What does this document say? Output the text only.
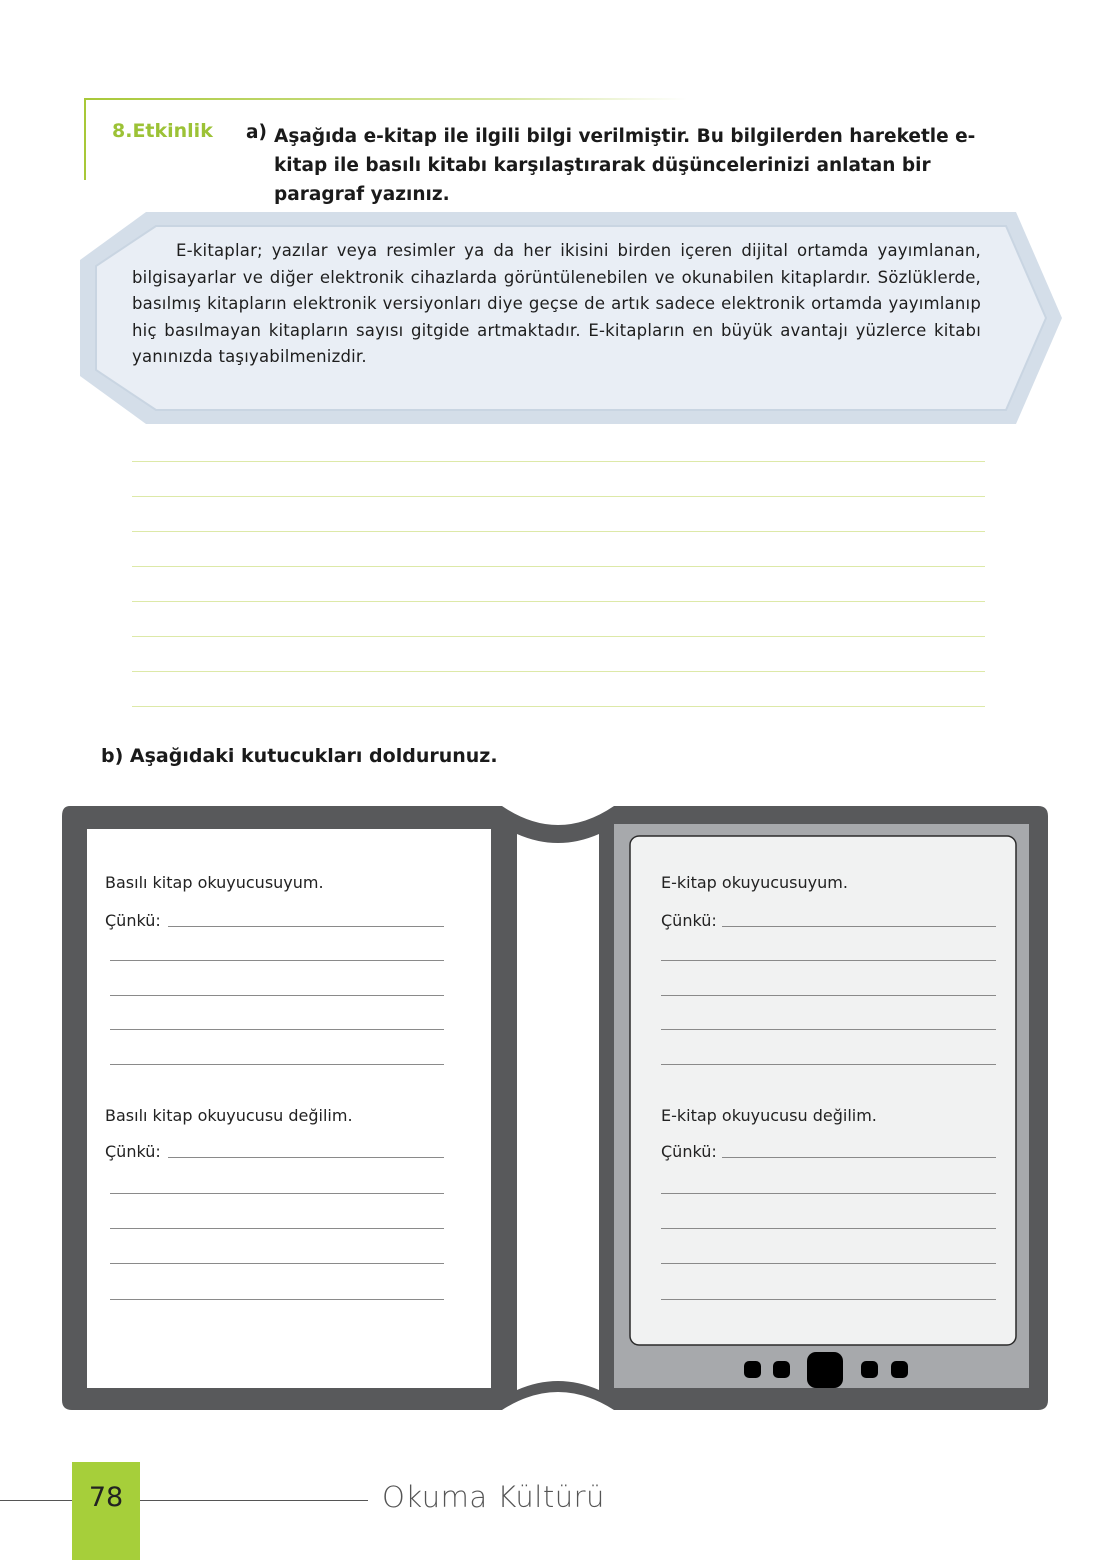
8.Etkinlik a) Aşağıda e-kitap ile ilgili bilgi verilmiştir. Bu bilgilerden hareketle e-kitap ile basılı kitabı karşılaştırarak düşüncelerinizi anlatan bir paragraf yazınız.
E-kitaplar; yazılar veya resimler ya da her ikisini birden içeren dijital ortamda yayımlanan, bilgisayarlar ve diğer elektronik cihazlarda görüntülenebilen ve okunabilen kitaplardır. Sözlüklerde, basılmış kitapların elektronik versiyonları diye geçse de artık sadece elektronik ortamda yayımlanıp hiç basılmayan kitapların sayısı gitgide artmaktadır. E-kitapların en büyük avantajı yüzlerce kitabı yanınızda taşıyabilmenizdir.
b) Aşağıdaki kutucukları doldurunuz.
Basılı kitap okuyucusuyum.
Çünkü:
Basılı kitap okuyucusu değilim.
Çünkü:
E-kitap okuyucusuyum.
Çünkü:
E-kitap okuyucusu değilim.
Çünkü:
78	Okuma Kültürü
